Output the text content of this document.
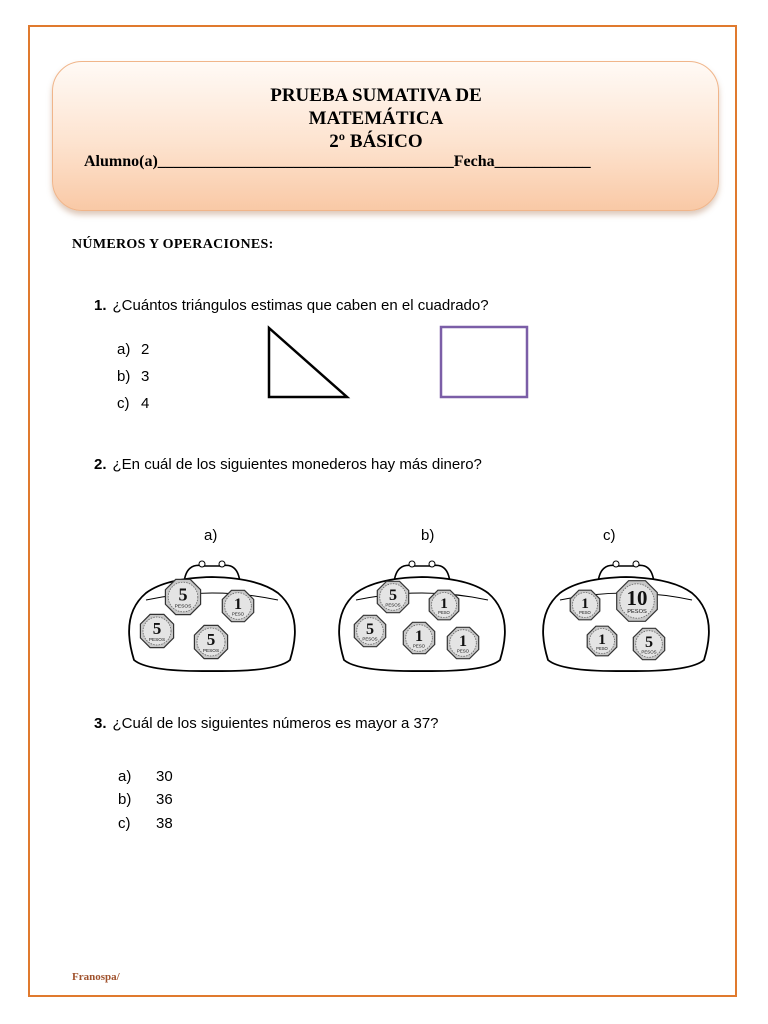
PRUEBA SUMATIVA DE
MATEMÁTICA
2º BÁSICO
Alumno(a)_____________________________________Fecha____________
NÚMEROS Y OPERACIONES:
1. ¿Cuántos triángulos estimas que caben en el cuadrado?
a) 2
b) 3
c) 4
2. ¿En cuál de los siguientes monederos hay más dinero?
a)	b)	c)
5
PESOS	1
PESO
5
PESOS 5
PESOS
5
PESOS	1
PESO
5
PESOS 1
PESO 1
PESO
1
PESO
10
PESOS
1
PESO 5
PESOS
3. ¿Cuál de los siguientes números es mayor a 37?
a) 30
b) 36
c) 38
Franospa/
